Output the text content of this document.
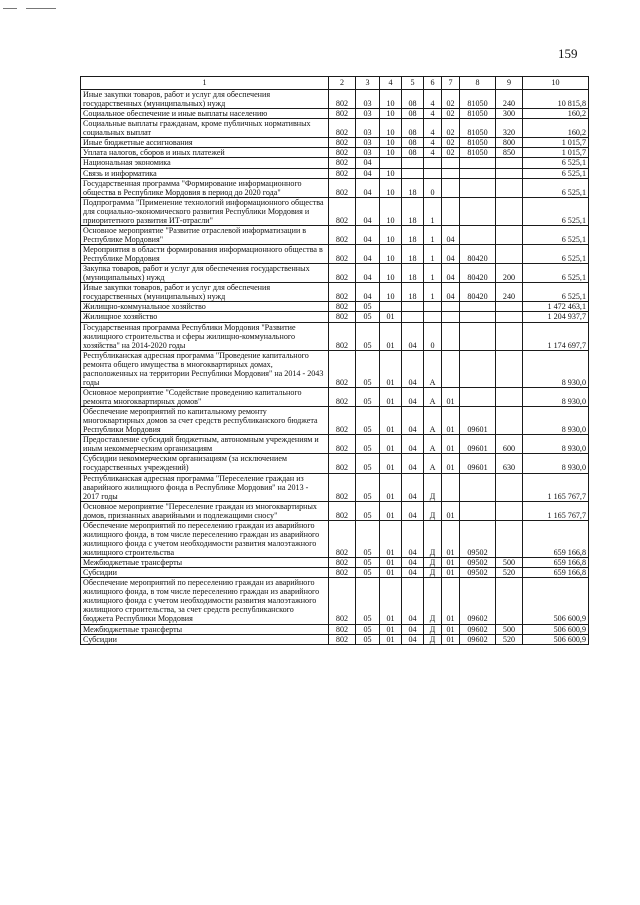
159
1	2	3	4	5	6	7	8	9	10
Иные закупки товаров, работ и услуг для обеспечения государственных (муниципальных) нужд	802	03	10	08	4	02	81050	240	10 815,8
Социальное обеспечение и иные выплаты населению	802	03	10	08	4	02	81050	300	160,2
Социальные выплаты гражданам, кроме публичных нормативных социальных выплат	802	03	10	08	4	02	81050	320	160,2
Иные бюджетные ассигнования	802	03	10	08	4	02	81050	800	1 015,7
Уплата налогов, сборов и иных платежей	802	03	10	08	4	02	81050	850	1 015,7
Национальная экономика	802	04							6 525,1
Связь и информатика	802	04	10						6 525,1
Государственная программа "Формирование информационного общества в Республике Мордовия в период до 2020 года"	802	04	10	18	0				6 525,1
Подпрограмма "Применение технологий информационного общества для социально-экономического развития Республики Мордовия и приоритетного развития ИТ-отрасли"	802	04	10	18	1				6 525,1
Основное мероприятие "Развитие отраслевой информатизации в Республике Мордовия"	802	04	10	18	1	04			6 525,1
Мероприятия в области формирования информационного общества в Республике Мордовия	802	04	10	18	1	04	80420		6 525,1
Закупка товаров, работ и услуг для обеспечения государственных (муниципальных) нужд	802	04	10	18	1	04	80420	200	6 525,1
Иные закупки товаров, работ и услуг для обеспечения государственных (муниципальных) нужд	802	04	10	18	1	04	80420	240	6 525,1
Жилищно-коммунальное хозяйство	802	05							1 472 463,1
Жилищное хозяйство	802	05	01						1 204 937,7
Государственная программа Республики Мордовия "Развитие жилищного строительства и сферы жилищно-коммунального хозяйства" на 2014-2020 годы	802	05	01	04	0				1 174 697,7
Республиканская адресная программа "Проведение капитального ремонта общего имущества в многоквартирных домах, расположенных на территории Республики Мордовия" на 2014 - 2043 годы	802	05	01	04	А				8 930,0
Основное мероприятие "Содействие проведению капитального ремонта многоквартирных домов"	802	05	01	04	А	01			8 930,0
Обеспечение мероприятий по капитальному ремонту многоквартирных домов за счет средств республиканского бюджета Республики Мордовия	802	05	01	04	А	01	09601		8 930,0
Предоставление субсидий бюджетным, автономным учреждениям и иным некоммерческим организациям	802	05	01	04	А	01	09601	600	8 930,0
Субсидии некоммерческим организациям (за исключением государственных учреждений)	802	05	01	04	А	01	09601	630	8 930,0
Республиканская адресная программа "Переселение граждан из аварийного жилищного фонда в Республике Мордовия" на 2013 - 2017 годы	802	05	01	04	Д				1 165 767,7
Основное мероприятие "Переселение граждан из многоквартирных домов, признанных аварийными и подлежащими сносу"	802	05	01	04	Д	01			1 165 767,7
Обеспечение мероприятий по переселению граждан из аварийного жилищного фонда, в том числе переселению граждан из аварийного жилищного фонда с учетом необходимости развития малоэтажного жилищного строительства	802	05	01	04	Д	01	09502		659 166,8
Межбюджетные трансферты	802	05	01	04	Д	01	09502	500	659 166,8
Субсидии	802	05	01	04	Д	01	09502	520	659 166,8
Обеспечение мероприятий по переселению граждан из аварийного жилищного фонда, в том числе переселению граждан из аварийного жилищного фонда с учетом необходимости развития малоэтажного жилищного строительства, за счет средств республиканского бюджета Республики Мордовия	802	05	01	04	Д	01	09602		506 600,9
Межбюджетные трансферты	802	05	01	04	Д	01	09602	500	506 600,9
Субсидии	802	05	01	04	Д	01	09602	520	506 600,9
